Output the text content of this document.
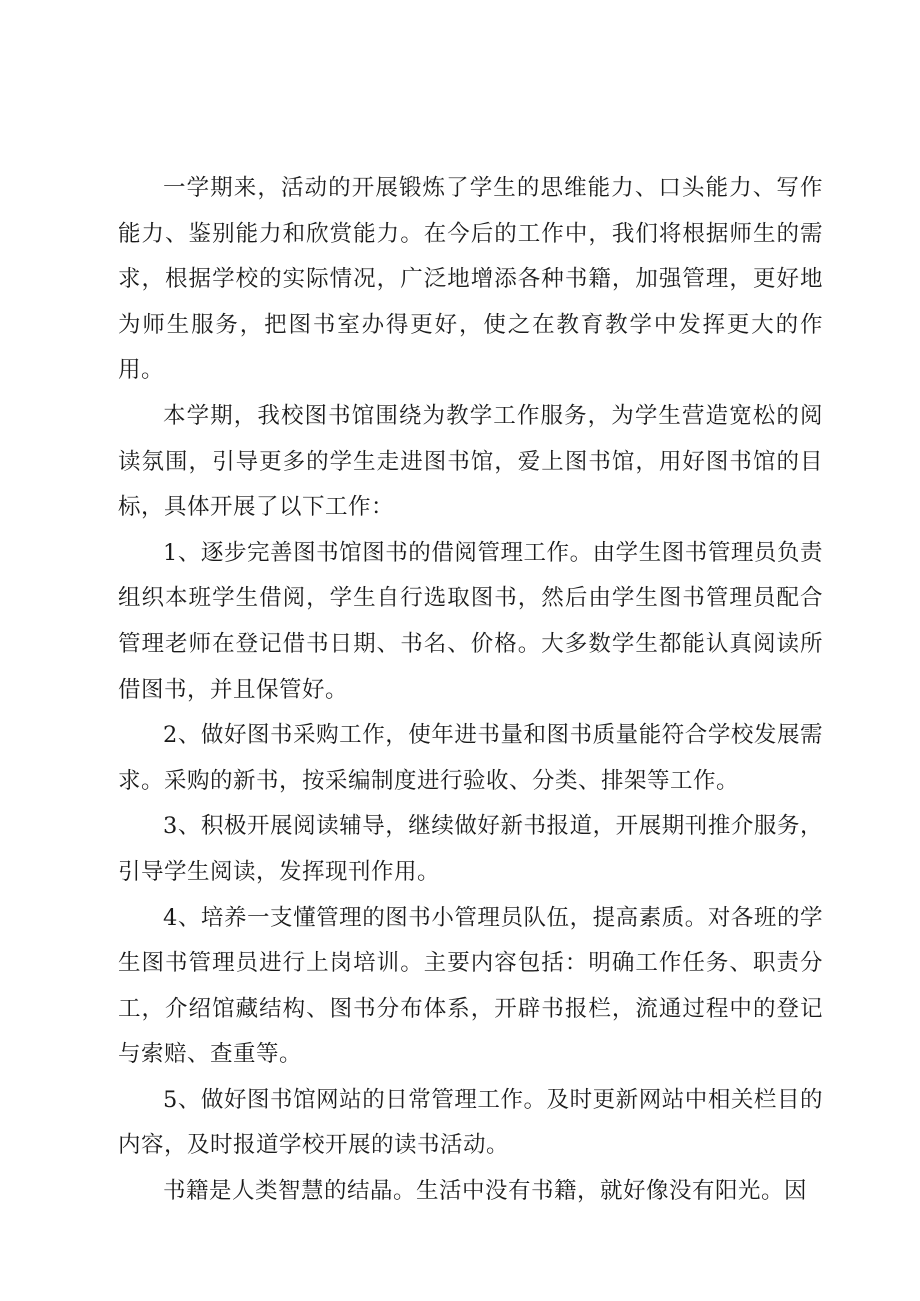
一学期来，活动的开展锻炼了学生的思维能力、口头能力、写作能力、鉴别能力和欣赏能力。在今后的工作中，我们将根据师生的需求，根据学校的实际情况，广泛地增添各种书籍，加强管理，更好地为师生服务，把图书室办得更好，使之在教育教学中发挥更大的作用。

本学期，我校图书馆围绕为教学工作服务，为学生营造宽松的阅读氛围，引导更多的学生走进图书馆，爱上图书馆，用好图书馆的目标，具体开展了以下工作：

1、逐步完善图书馆图书的借阅管理工作。由学生图书管理员负责组织本班学生借阅，学生自行选取图书，然后由学生图书管理员配合管理老师在登记借书日期、书名、价格。大多数学生都能认真阅读所借图书，并且保管好。

2、做好图书采购工作，使年进书量和图书质量能符合学校发展需求。采购的新书，按采编制度进行验收、分类、排架等工作。

3、积极开展阅读辅导，继续做好新书报道，开展期刊推介服务，引导学生阅读，发挥现刊作用。

4、培养一支懂管理的图书小管理员队伍，提高素质。对各班的学生图书管理员进行上岗培训。主要内容包括：明确工作任务、职责分工，介绍馆藏结构、图书分布体系，开辟书报栏，流通过程中的登记与索赔、查重等。

5、做好图书馆网站的日常管理工作。及时更新网站中相关栏目的内容，及时报道学校开展的读书活动。

书籍是人类智慧的结晶。生活中没有书籍，就好像没有阳光。因
